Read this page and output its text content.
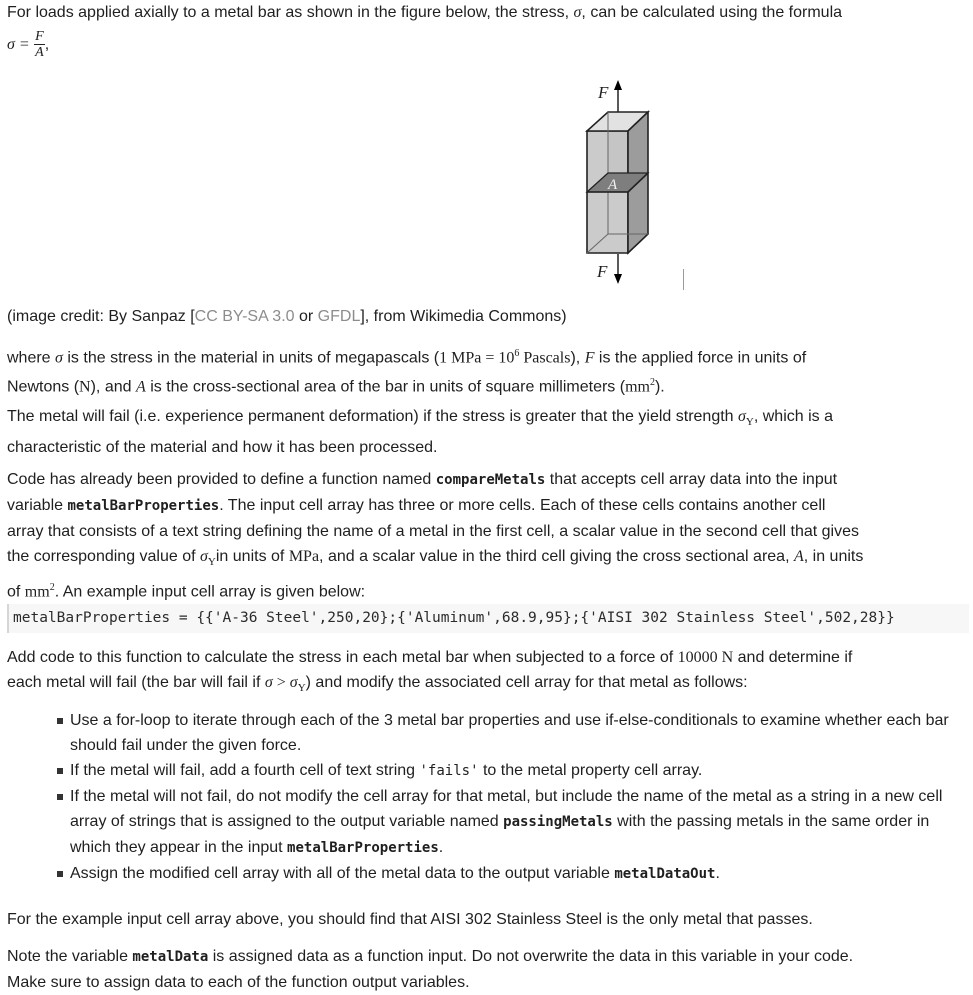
For loads applied axially to a metal bar as shown in the figure below, the stress, σ, can be calculated using the formula

$\sigma = \frac{F}{A}$ ,
F
F
A

(image credit: By Sanpaz [CC BY-SA 3.0 or GFDL], from Wikimedia Commons)

where σ is the stress in the material in units of megapascals (1 MPa = $10^6$ Pascals), F is the applied force in units of
Newtons (N), and A is the cross-sectional area of the bar in units of square millimeters $(mm^2)$.

The metal will fail (i.e. experience permanent deformation) if the stress is greater that the yield strength $\sigma_Y$, which is a
characteristic of the material and how it has been processed.

Code has already been provided to define a function named compareMetals that accepts cell array data into the input
variable metalBarProperties. The input cell array has three or more cells. Each of these cells contains another cell
array that consists of a text string defining the name of a metal in the first cell, a scalar value in the second cell that gives
the corresponding value of $\sigma_Yin$ units of MPa, and a scalar value in the third cell giving the cross sectional area, A, in units
of $mm^2$. An example input cell array is given below:

metalBarProperties = {{'A-36 Steel',250,20};{'Aluminum',68.9,95};{'AISI 302 Stainless Steel',502,28}}

Add code to this function to calculate the stress in each metal bar when subjected to a force of 10000 N and determine if
each metal will fail (the bar will fail if $\sigma > \sigma_Y$) and modify the associated cell array for that metal as follows:

Use a for-loop to iterate through each of the 3 metal bar properties and use if-else-conditionals to examine whether each bar should fail under the given force.
If the metal will fail, add a fourth cell of text string 'fails' to the metal property cell array.
If the metal will not fail, do not modify the cell array for that metal, but include the name of the metal as a string in a new cell array of strings that is assigned to the output variable named passingMetals with the passing metals in the same order in which they appear in the input metalBarProperties.
Assign the modified cell array with all of the metal data to the output variable metalDataOut.

For the example input cell array above, you should find that AISI 302 Stainless Steel is the only metal that passes.

Note the variable metalData is assigned data as a function input. Do not overwrite the data in this variable in your code.
Make sure to assign data to each of the function output variables.
